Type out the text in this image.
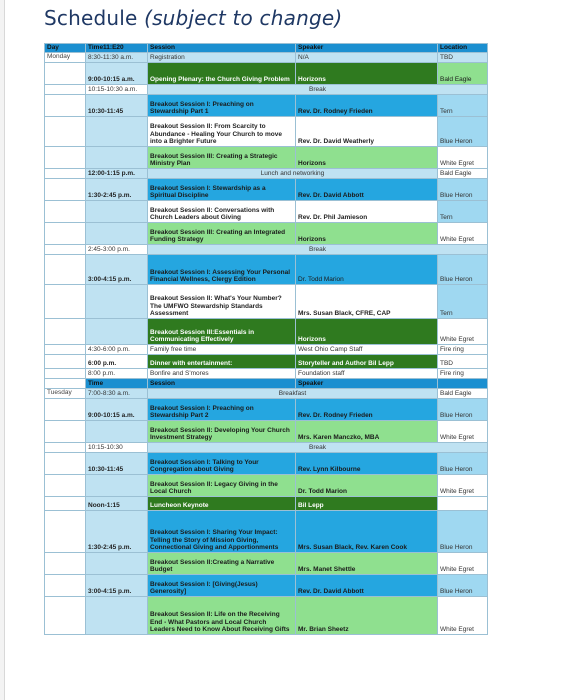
Schedule (subject to change)
Day	Time11:E20	Session	Speaker	Location
Monday	8:30-11:30 a.m.	Registration	N/A	TBD
	9:00-10:15 a.m.	Opening Plenary: the Church Giving Problem	Horizons	Bald Eagle
	10:15-10:30 a.m.	Break		
	10:30-11:45	Breakout Session I: Preaching on Stewardship Part 1	Rev. Dr. Rodney Frieden	Tern
		Breakout Session II: From Scarcity to Abundance - Healing Your Church to move into a Brighter Future	Rev. Dr. David Weatherly	Blue Heron
		Breakout Session III: Creating a Strategic Ministry Plan	Horizons	White Egret
	12:00-1:15 p.m.	Lunch and networking		Bald Eagle
	1:30-2:45 p.m.	Breakout Session I: Stewardship as a Spiritual Discipline	Rev. Dr. David Abbott	Blue Heron
		Breakout Session II: Conversations with Church Leaders about Giving	Rev. Dr. Phil Jamieson	Tern
		Breakout Session III: Creating an Integrated Funding Strategy	Horizons	White Egret
	2:45-3:00 p.m.	Break		
	3:00-4:15 p.m.	Breakout Session I: Assessing Your Personal Financial Wellness, Clergy Edition	Dr. Todd Marion	Blue Heron
		Breakout Session II: What's Your Number? The UMFWO Stewardship Standards Assessment	Mrs. Susan Black, CFRE, CAP	Tern
		Breakout Session III:Essentials in Communicating Effectively	Horizons	White Egret
	4:30-6:00 p.m.	Family free time	West Ohio Camp Staff	Fire ring
	6:00 p.m.	Dinner with entertainment:	Storyteller and Author Bil Lepp	TBD
	8:00 p.m.	Bonfire and S'mores	Foundation staff	Fire ring
	Time	Session	Speaker	
Tuesday	7:00-8:30 a.m.	Breakfast		Bald Eagle
	9:00-10:15 a.m.	Breakout Session I: Preaching on Stewardship Part 2	Rev. Dr. Rodney Frieden	Blue Heron
		Breakout Session II: Developing Your Church Investment Strategy	Mrs. Karen Manczko, MBA	White Egret
	10:15-10:30	Break		
	10:30-11:45	Breakout Session I: Talking to Your Congregation about Giving	Rev. Lynn Kilbourne	Blue Heron
		Breakout Session II: Legacy Giving in the Local Church	Dr. Todd Marion	White Egret
	Noon-1:15	Luncheon Keynote	Bil Lepp	
	1:30-2:45 p.m.	Breakout Session I: Sharing Your Impact: Telling the Story of Mission Giving, Connectional Giving and Apportionments	Mrs. Susan Black, Rev. Karen Cook	Blue Heron
		Breakout Session II:Creating a Narrative Budget	Mrs. Manet Shettle	White Egret
	3:00-4:15 p.m.	Breakout Session I: [Giving(Jesus) Generosity]	Rev. Dr. David Abbott	Blue Heron
		Breakout Session II: Life on the Receiving End - What Pastors and Local Church Leaders Need to Know About Receiving Gifts	Mr. Brian Sheetz	White Egret
